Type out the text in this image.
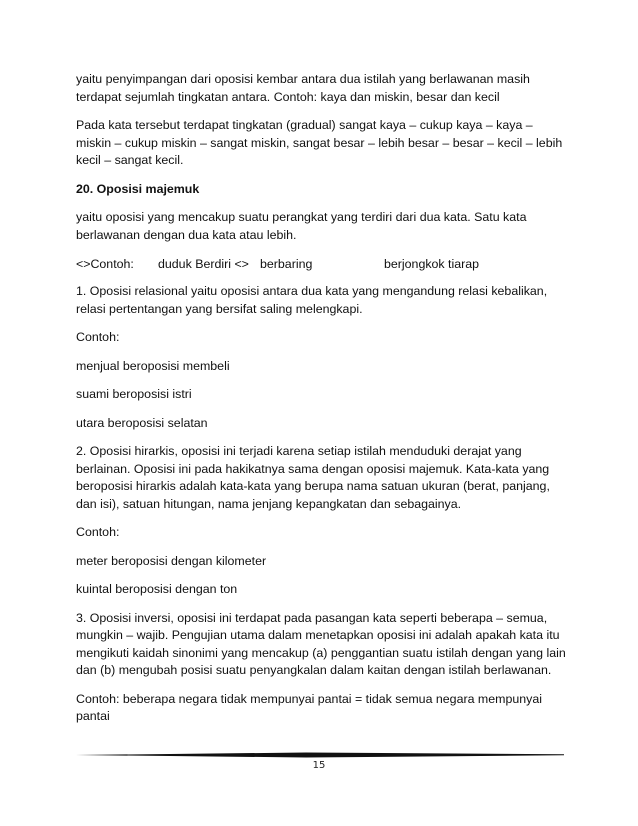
yaitu penyimpangan dari oposisi kembar antara dua istilah yang berlawanan masih terdapat sejumlah tingkatan antara. Contoh: kaya dan miskin, besar dan kecil

Pada kata tersebut terdapat tingkatan (gradual) sangat kaya – cukup kaya – kaya – miskin – cukup miskin – sangat miskin, sangat besar – lebih besar – besar – kecil – lebih kecil – sangat kecil.

20. Oposisi majemuk

yaitu oposisi yang mencakup suatu perangkat yang terdiri dari dua kata. Satu kata berlawanan dengan dua kata atau lebih.

<>Contoh: duduk Berdiri <> berbaring	berjongkok tiarap

1. Oposisi relasional yaitu oposisi antara dua kata yang mengandung relasi kebalikan, relasi pertentangan yang bersifat saling melengkapi.

Contoh:

menjual beroposisi membeli

suami beroposisi istri

utara beroposisi selatan

2. Oposisi hirarkis, oposisi ini terjadi karena setiap istilah menduduki derajat yang berlainan. Oposisi ini pada hakikatnya sama dengan oposisi majemuk. Kata-kata yang beroposisi hirarkis adalah kata-kata yang berupa nama satuan ukuran (berat, panjang, dan isi), satuan hitungan, nama jenjang kepangkatan dan sebagainya.

Contoh:

meter beroposisi dengan kilometer

kuintal beroposisi dengan ton

3. Oposisi inversi, oposisi ini terdapat pada pasangan kata seperti beberapa – semua, mungkin – wajib. Pengujian utama dalam menetapkan oposisi ini adalah apakah kata itu mengikuti kaidah sinonimi yang mencakup (a) penggantian suatu istilah dengan yang lain dan (b) mengubah posisi suatu penyangkalan dalam kaitan dengan istilah berlawanan.

Contoh: beberapa negara tidak mempunyai pantai = tidak semua negara mempunyai pantai

15
